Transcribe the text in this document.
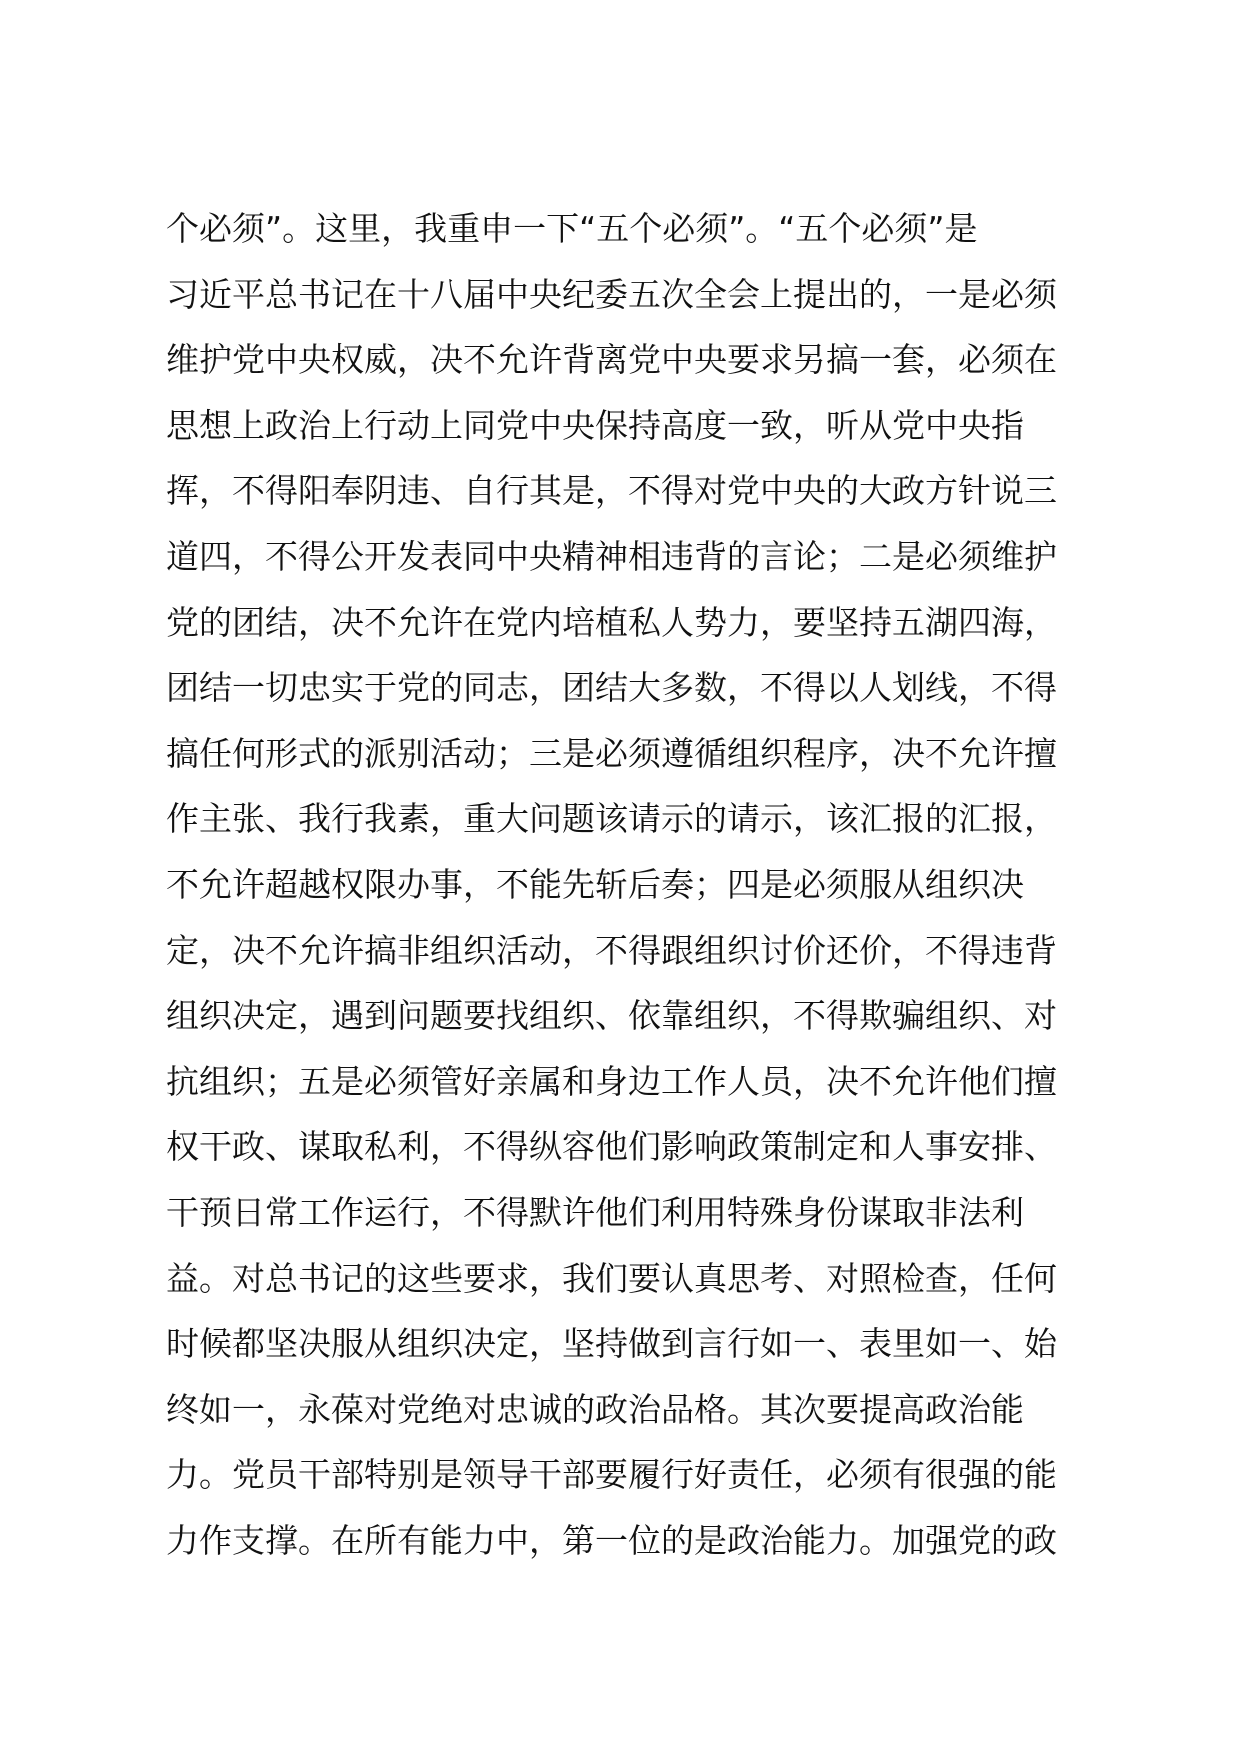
个必须”。这里，我重申一下“五个必须”。“五个必须”是
习近平总书记在十八届中央纪委五次全会上提出的，一是必须
维护党中央权威，决不允许背离党中央要求另搞一套，必须在
思想上政治上行动上同党中央保持高度一致，听从党中央指
挥，不得阳奉阴违、自行其是，不得对党中央的大政方针说三
道四，不得公开发表同中央精神相违背的言论；二是必须维护
党的团结，决不允许在党内培植私人势力，要坚持五湖四海，
团结一切忠实于党的同志，团结大多数，不得以人划线，不得
搞任何形式的派别活动；三是必须遵循组织程序，决不允许擅
作主张、我行我素，重大问题该请示的请示，该汇报的汇报，
不允许超越权限办事，不能先斩后奏；四是必须服从组织决
定，决不允许搞非组织活动，不得跟组织讨价还价，不得违背
组织决定，遇到问题要找组织、依靠组织，不得欺骗组织、对
抗组织；五是必须管好亲属和身边工作人员，决不允许他们擅
权干政、谋取私利，不得纵容他们影响政策制定和人事安排、
干预日常工作运行，不得默许他们利用特殊身份谋取非法利
益。对总书记的这些要求，我们要认真思考、对照检查，任何
时候都坚决服从组织决定，坚持做到言行如一、表里如一、始
终如一，永葆对党绝对忠诚的政治品格。其次要提高政治能
力。党员干部特别是领导干部要履行好责任，必须有很强的能
力作支撑。在所有能力中，第一位的是政治能力。加强党的政
